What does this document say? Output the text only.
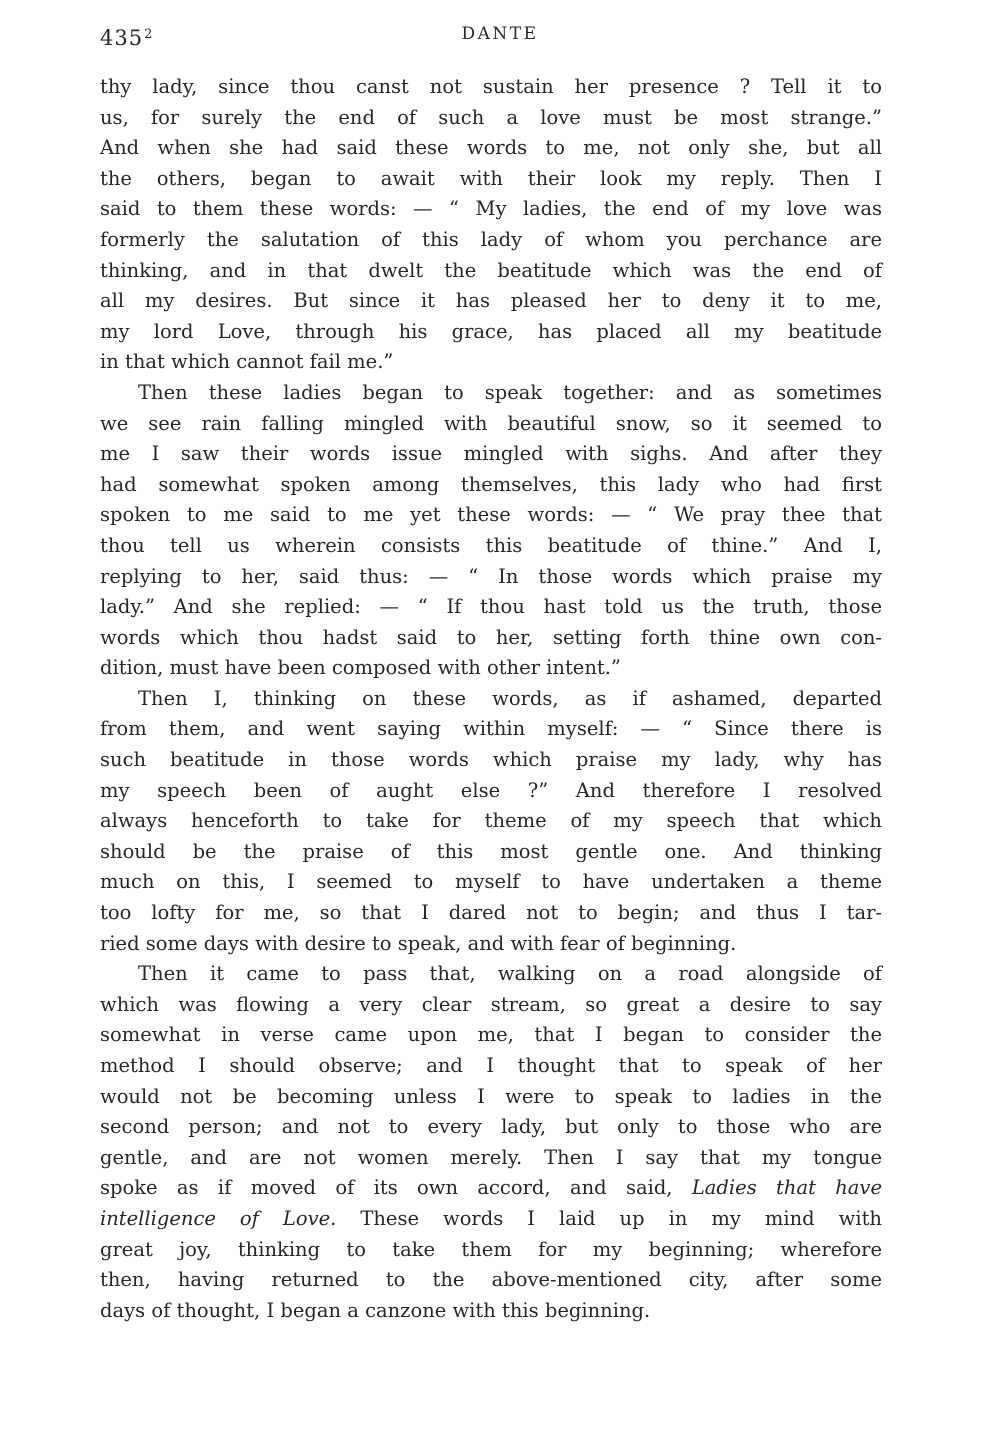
$435^2$	DANTE
thy lady, since thou canst not sustain her presence ? Tell it to
us, for surely the end of such a love must be most strange.”
And when she had said these words to me, not only she, but all
the others, began to await with their look my reply. Then I
said to them these words: — “ My ladies, the end of my love was
formerly the salutation of this lady of whom you perchance are
thinking, and in that dwelt the beatitude which was the end of
all my desires. But since it has pleased her to deny it to me,
my lord Love, through his grace, has placed all my beatitude
in that which cannot fail me.”
Then these ladies began to speak together: and as sometimes
we see rain falling mingled with beautiful snow, so it seemed to
me I saw their words issue mingled with sighs. And after they
had somewhat spoken among themselves, this lady who had first
spoken to me said to me yet these words: — “ We pray thee that
thou tell us wherein consists this beatitude of thine.” And I,
replying to her, said thus: — “ In those words which praise my
lady.” And she replied: — “ If thou hast told us the truth, those
words which thou hadst said to her, setting forth thine own con-
dition, must have been composed with other intent.”
Then I, thinking on these words, as if ashamed, departed
from them, and went saying within myself: — “ Since there is
such beatitude in those words which praise my lady, why has
my speech been of aught else ?” And therefore I resolved
always henceforth to take for theme of my speech that which
should be the praise of this most gentle one. And thinking
much on this, I seemed to myself to have undertaken a theme
too lofty for me, so that I dared not to begin; and thus I tar-
ried some days with desire to speak, and with fear of beginning.
Then it came to pass that, walking on a road alongside of
which was flowing a very clear stream, so great a desire to say
somewhat in verse came upon me, that I began to consider the
method I should observe; and I thought that to speak of her
would not be becoming unless I were to speak to ladies in the
second person; and not to every lady, but only to those who are
gentle, and are not women merely. Then I say that my tongue
spoke as if moved of its own accord, and said, Ladies that have
intelligence of Love. These words I laid up in my mind with
great joy, thinking to take them for my beginning; wherefore
then, having returned to the above-mentioned city, after some
days of thought, I began a canzone with this beginning.
